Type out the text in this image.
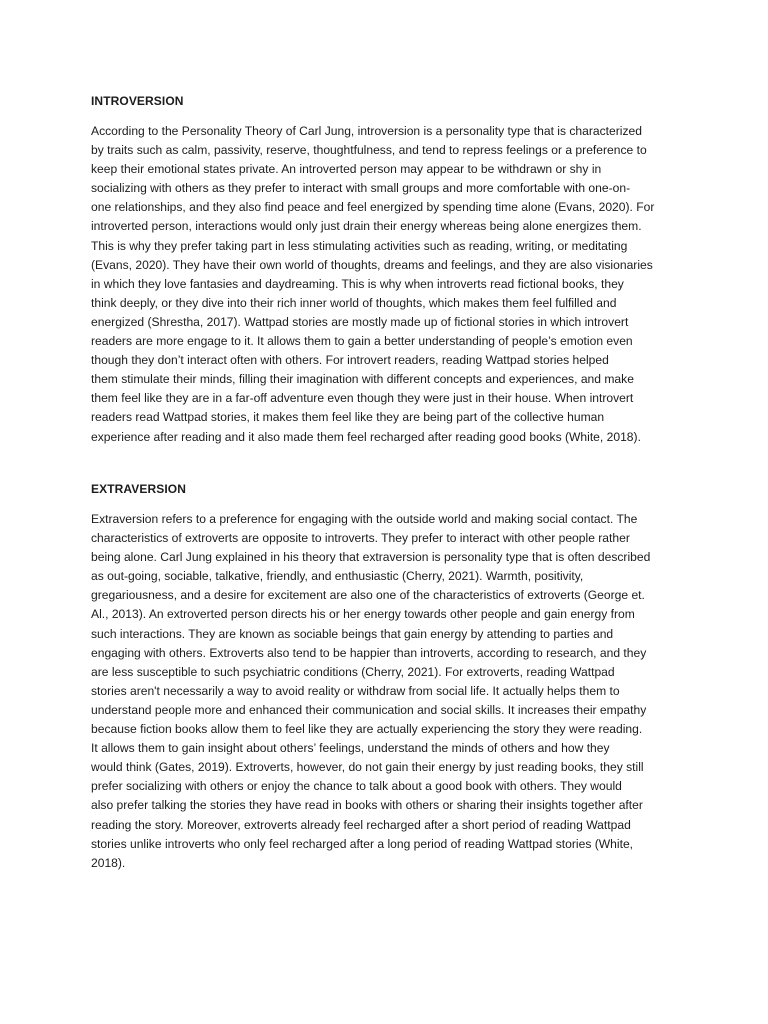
INTROVERSION

According to the Personality Theory of Carl Jung, introversion is a personality type that is characterized
by traits such as calm, passivity, reserve, thoughtfulness, and tend to repress feelings or a preference to
keep their emotional states private. An introverted person may appear to be withdrawn or shy in
socializing with others as they prefer to interact with small groups and more comfortable with one-on-
one relationships, and they also find peace and feel energized by spending time alone (Evans, 2020). For
introverted person, interactions would only just drain their energy whereas being alone energizes them.
This is why they prefer taking part in less stimulating activities such as reading, writing, or meditating
(Evans, 2020). They have their own world of thoughts, dreams and feelings, and they are also visionaries
in which they love fantasies and daydreaming. This is why when introverts read fictional books, they
think deeply, or they dive into their rich inner world of thoughts, which makes them feel fulfilled and
energized (Shrestha, 2017). Wattpad stories are mostly made up of fictional stories in which introvert
readers are more engage to it. It allows them to gain a better understanding of people’s emotion even
though they don’t interact often with others. For introvert readers, reading Wattpad stories helped
them stimulate their minds, filling their imagination with different concepts and experiences, and make
them feel like they are in a far-off adventure even though they were just in their house. When introvert
readers read Wattpad stories, it makes them feel like they are being part of the collective human
experience after reading and it also made them feel recharged after reading good books (White, 2018).

EXTRAVERSION

Extraversion refers to a preference for engaging with the outside world and making social contact. The
characteristics of extroverts are opposite to introverts. They prefer to interact with other people rather
being alone. Carl Jung explained in his theory that extraversion is personality type that is often described
as out-going, sociable, talkative, friendly, and enthusiastic (Cherry, 2021). Warmth, positivity,
gregariousness, and a desire for excitement are also one of the characteristics of extroverts (George et.
Al., 2013). An extroverted person directs his or her energy towards other people and gain energy from
such interactions. They are known as sociable beings that gain energy by attending to parties and
engaging with others. Extroverts also tend to be happier than introverts, according to research, and they
are less susceptible to such psychiatric conditions (Cherry, 2021). For extroverts, reading Wattpad
stories aren't necessarily a way to avoid reality or withdraw from social life. It actually helps them to
understand people more and enhanced their communication and social skills. It increases their empathy
because fiction books allow them to feel like they are actually experiencing the story they were reading.
It allows them to gain insight about others’ feelings, understand the minds of others and how they
would think (Gates, 2019). Extroverts, however, do not gain their energy by just reading books, they still
prefer socializing with others or enjoy the chance to talk about a good book with others. They would
also prefer talking the stories they have read in books with others or sharing their insights together after
reading the story. Moreover, extroverts already feel recharged after a short period of reading Wattpad
stories unlike introverts who only feel recharged after a long period of reading Wattpad stories (White,
2018).
